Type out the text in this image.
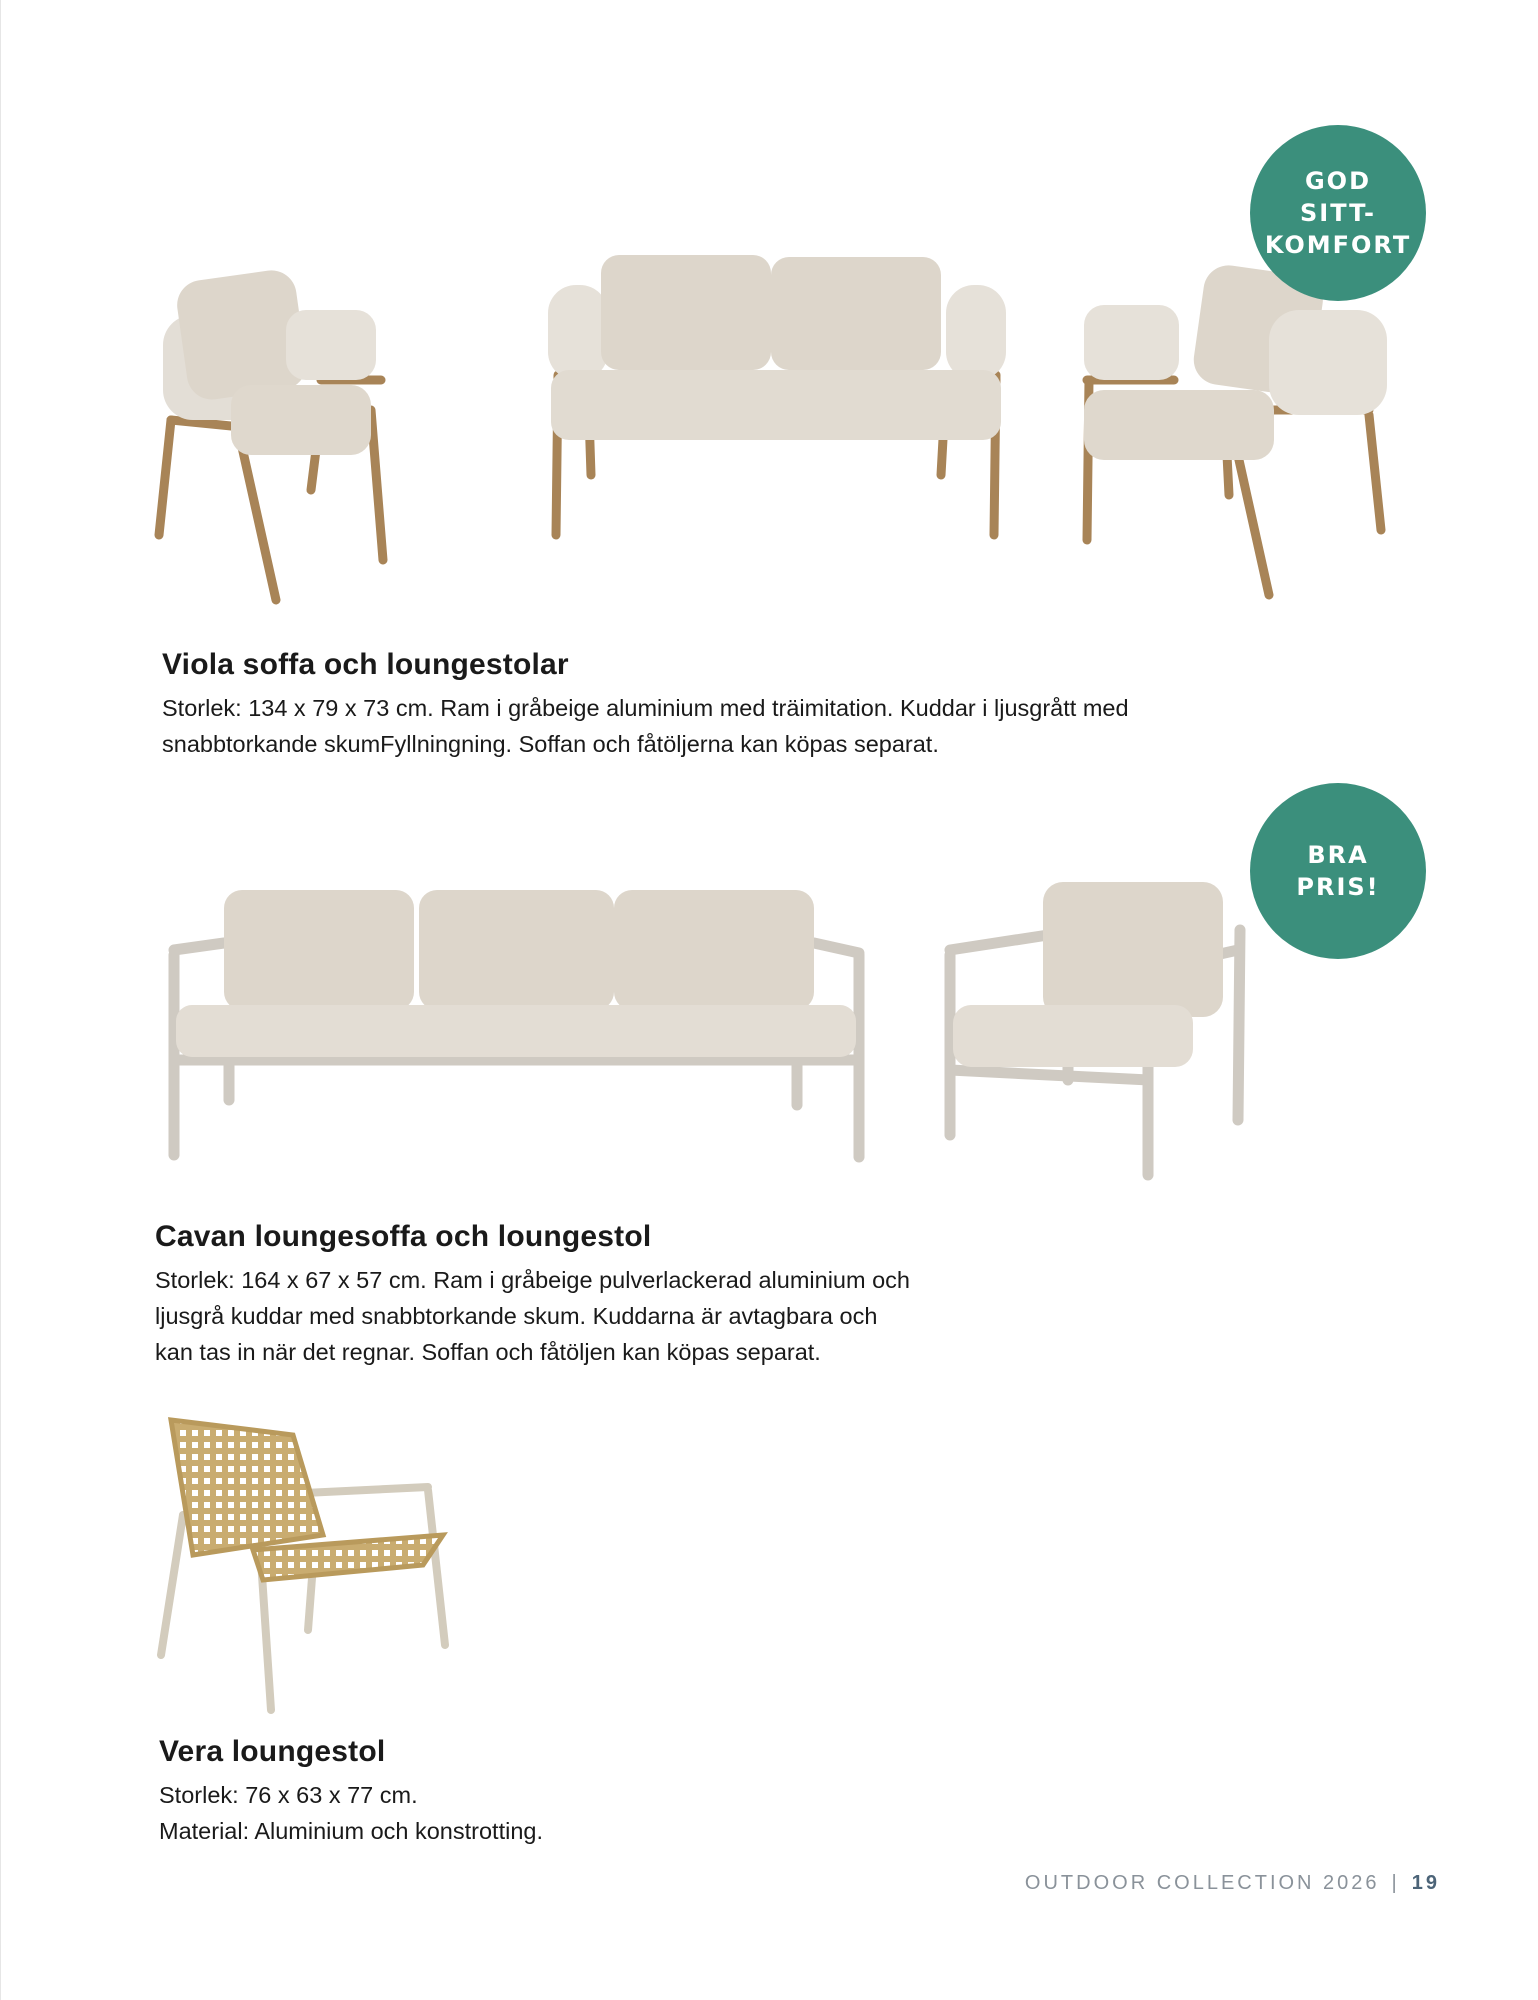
GOD
SITT-
KOMFORT
Viola soffa och loungestolar
Storlek: 134 x 79 x 73 cm. Ram i gråbeige aluminium med träimitation. Kuddar i ljusgrått med
snabbtorkande skumFyllningning. Soffan och fåtöljerna kan köpas separat.
BRA
PRIS!
Cavan loungesoffa och loungestol
Storlek: 164 x 67 x 57 cm. Ram i gråbeige pulverlackerad aluminium och
ljusgrå kuddar med snabbtorkande skum. Kuddarna är avtagbara och
kan tas in när det regnar. Soffan och fåtöljen kan köpas separat.
Vera loungestol
Storlek: 76 x 63 x 77 cm.
Material: Aluminium och konstrotting.
OUTDOOR COLLECTION 2026 | 19
